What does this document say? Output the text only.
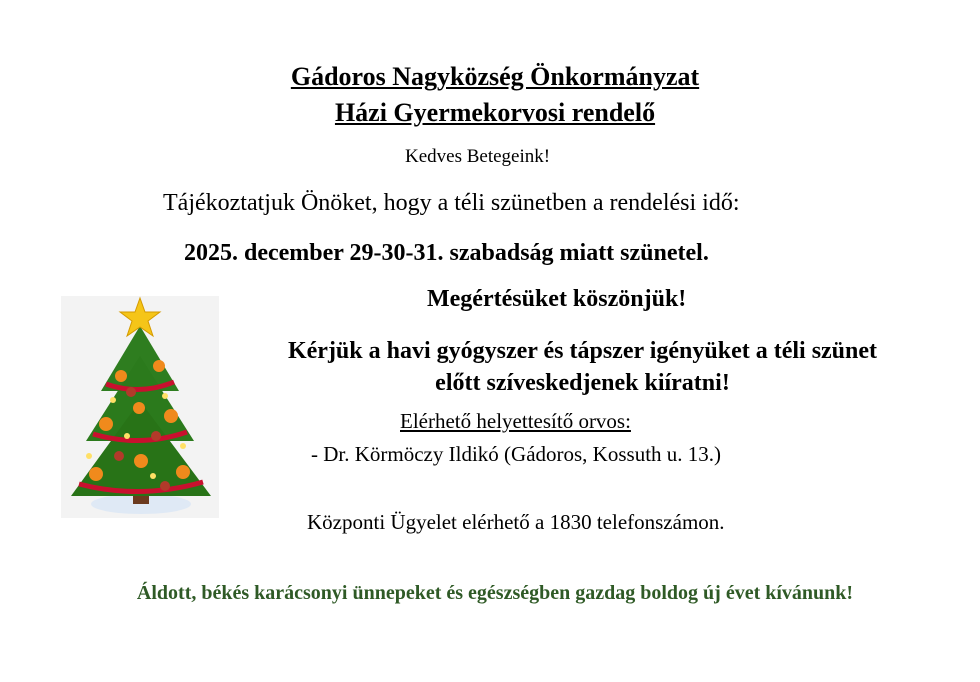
Gádoros Nagyközség Önkormányzat
Házi Gyermekorvosi rendelő
Kedves Betegeink!
Tájékoztatjuk Önöket, hogy a téli szünetben a rendelési idő:
2025. december 29-30-31. szabadság miatt szünetel.
Megértésüket köszönjük!
Kérjük a havi gyógyszer és tápszer igényüket a téli szünet előtt szíveskedjenek kiíratni!
Elérhető helyettesítő orvos:
- Dr. Körmöczy Ildikó (Gádoros, Kossuth u. 13.)
Központi Ügyelet elérhető a 1830 telefonszámon.
Áldott, békés karácsonyi ünnepeket és egészségben gazdag boldog új évet kívánunk!
